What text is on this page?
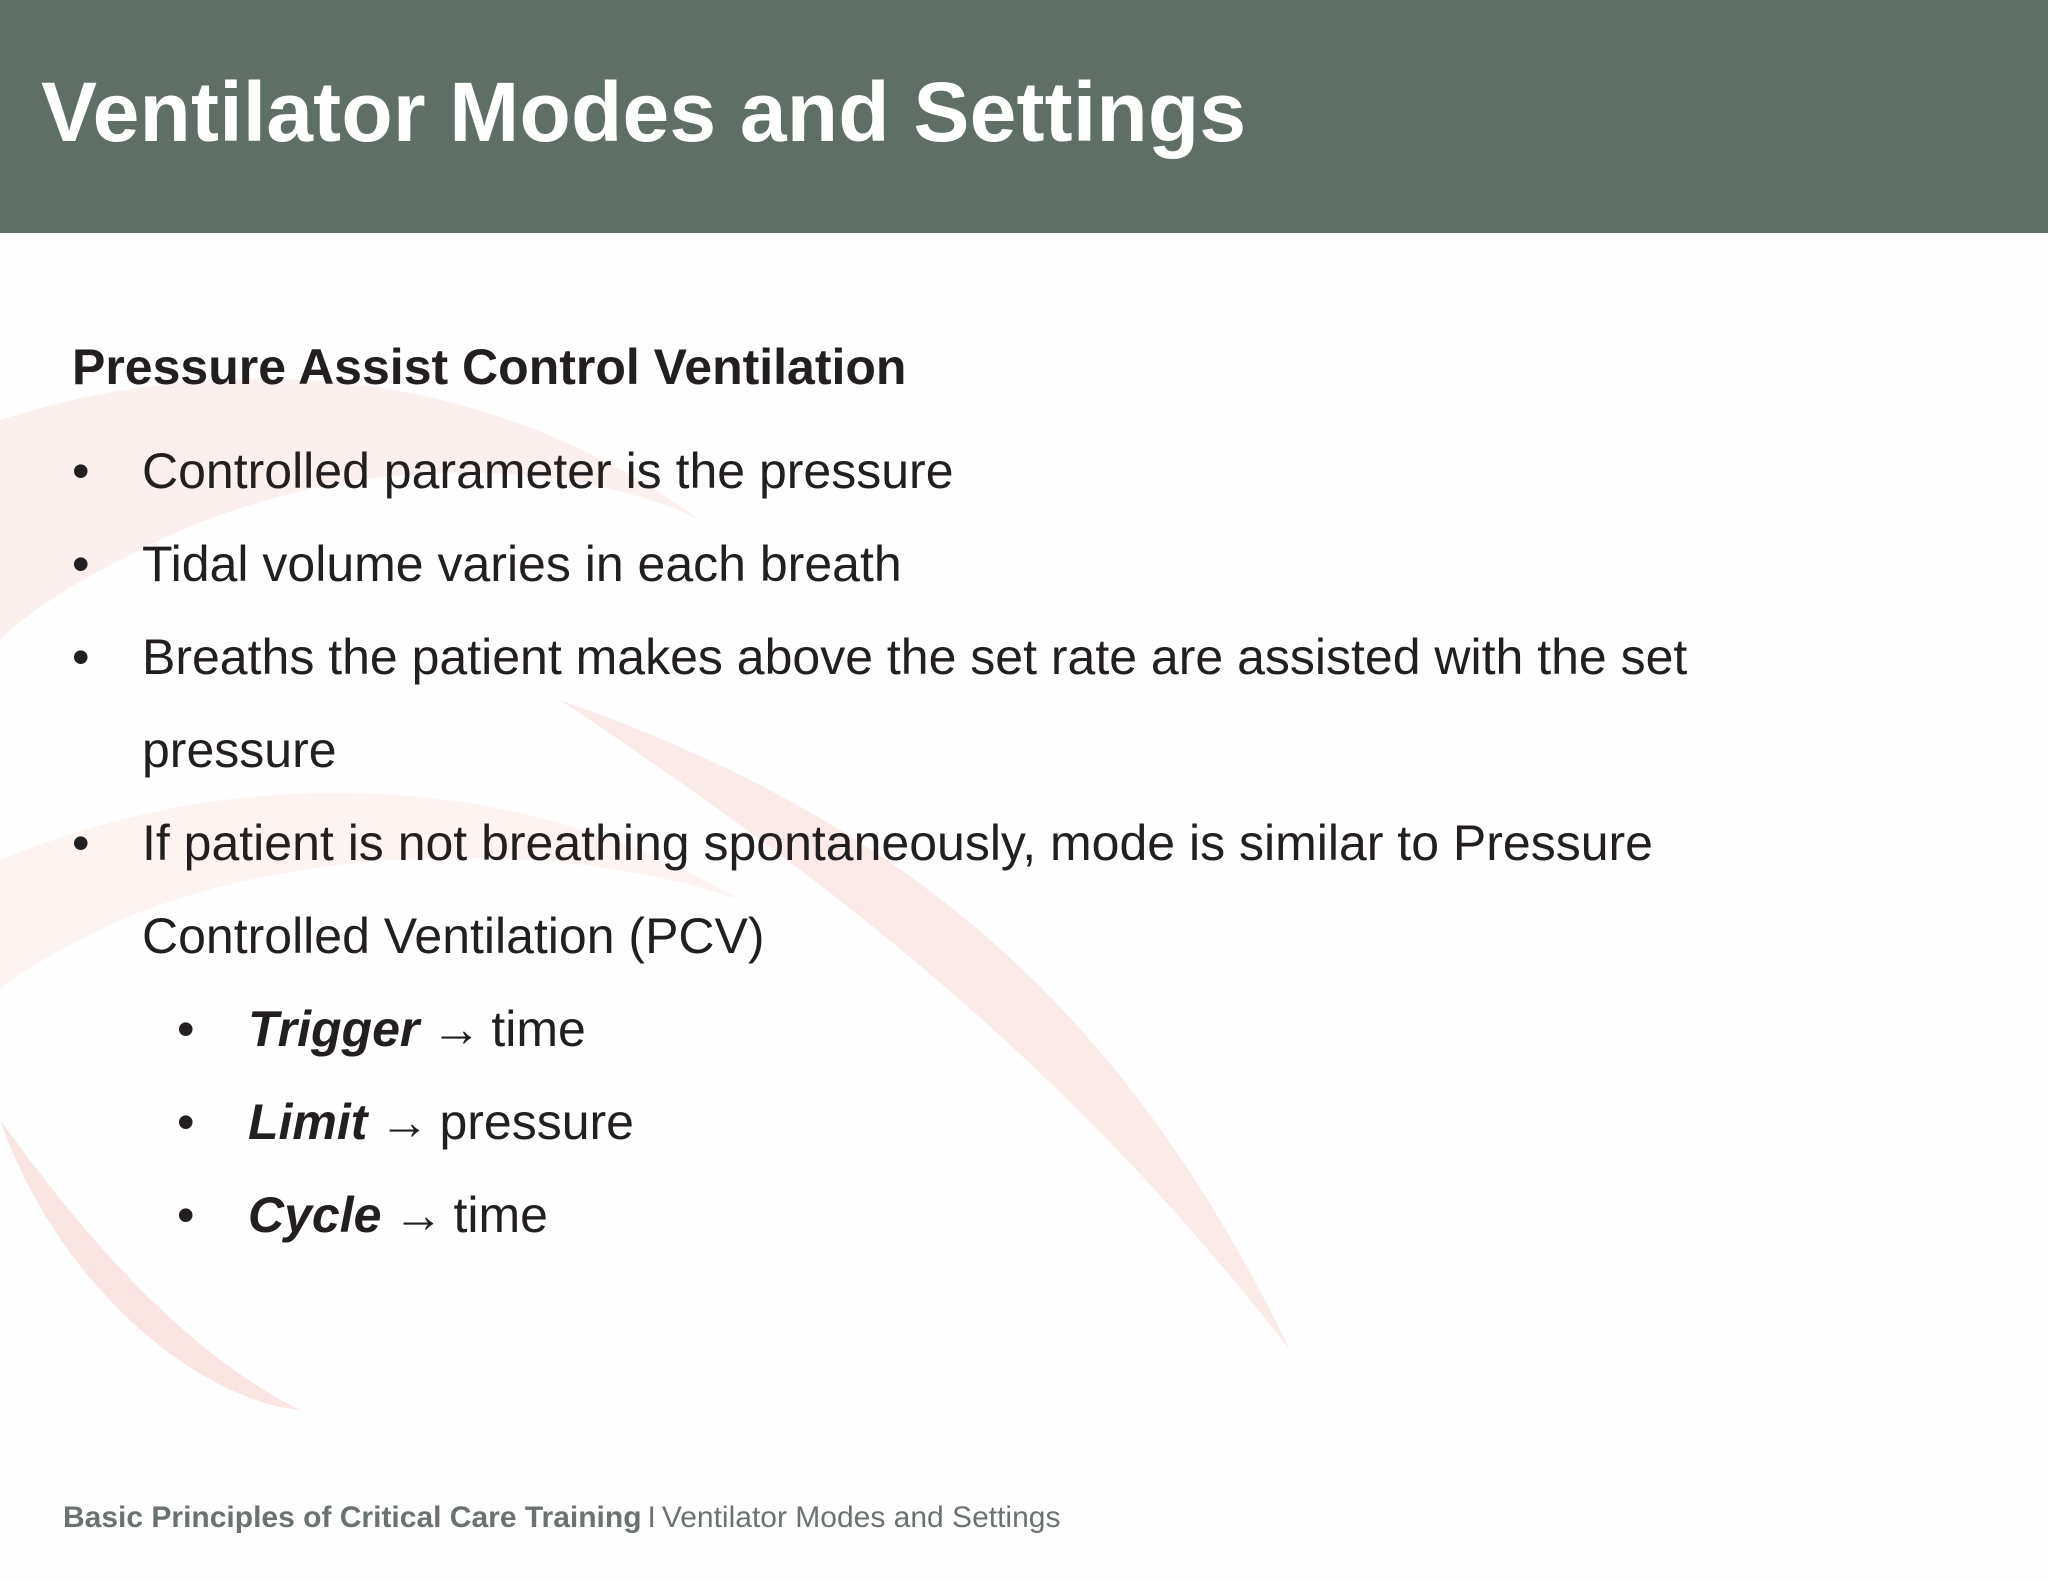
Ventilator Modes and Settings

Pressure Assist Control Ventilation

• Controlled parameter is the pressure
• Tidal volume varies in each breath
• Breaths the patient makes above the set rate are assisted with the set pressure
• If patient is not breathing spontaneously, mode is similar to Pressure Controlled Ventilation (PCV)
• Trigger → time
• Limit → pressure
• Cycle → time
Basic Principles of Critical Care Training I Ventilator Modes and Settings
